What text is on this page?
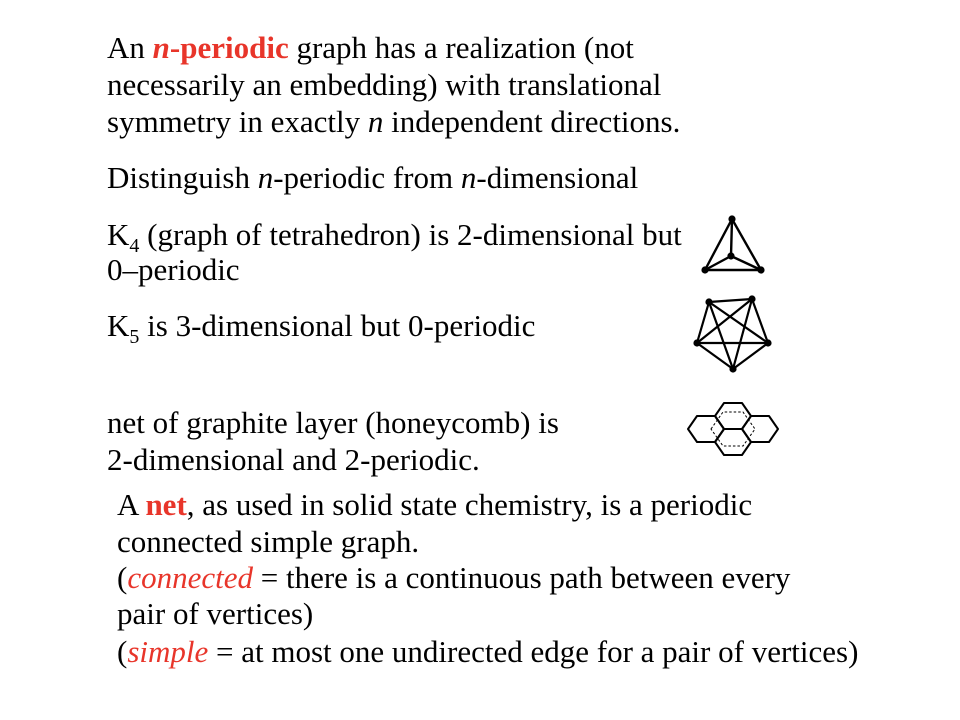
An n-periodic graph has a realization (not
necessarily an embedding) with translational
symmetry in exactly n independent directions.
Distinguish n-periodic from n-dimensional
$K_4$ (graph of tetrahedron) is 2-dimensional but
0–periodic
$K_5$ is 3-dimensional but 0-periodic
net of graphite layer (honeycomb) is
2-dimensional and 2-periodic.
A net, as used in solid state chemistry, is a periodic
connected simple graph.
(connected = there is a continuous path between every
pair of vertices)
(simple = at most one undirected edge for a pair of vertices)
